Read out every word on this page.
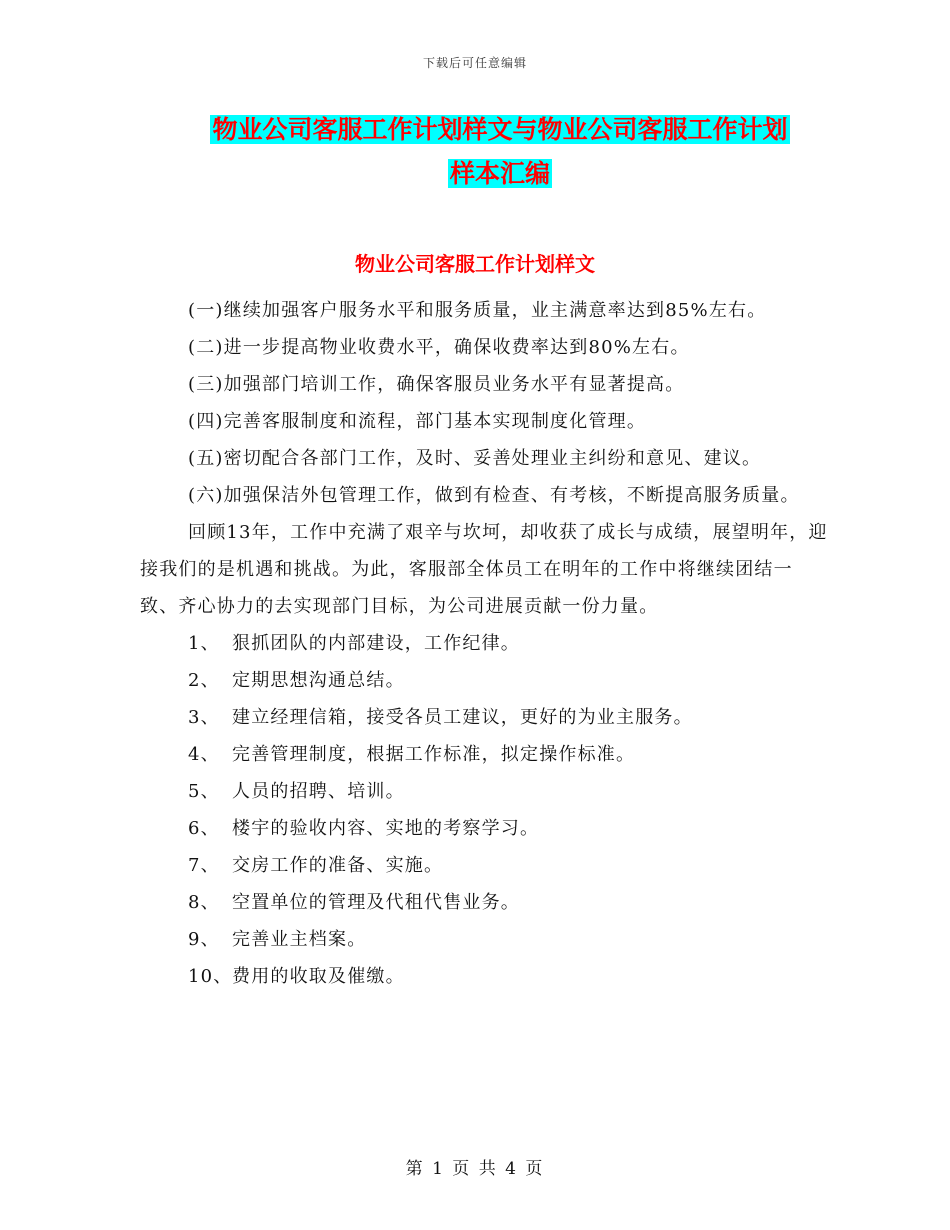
下载后可任意编辑
物业公司客服工作计划样文与物业公司客服工作计划
样本汇编
物业公司客服工作计划样文

(一)继续加强客户服务水平和服务质量，业主满意率达到85%左右。

(二)进一步提高物业收费水平，确保收费率达到80%左右。

(三)加强部门培训工作，确保客服员业务水平有显著提高。

(四)完善客服制度和流程，部门基本实现制度化管理。

(五)密切配合各部门工作，及时、妥善处理业主纠纷和意见、建议。

(六)加强保洁外包管理工作，做到有检查、有考核，不断提高服务质量。

回顾13年，工作中充满了艰辛与坎坷，却收获了成长与成绩，展望明年，迎接我们的是机遇和挑战。为此，客服部全体员工在明年的工作中将继续团结一致、齐心协力的去实现部门目标，为公司进展贡献一份力量。

1、 狠抓团队的内部建设，工作纪律。

2、 定期思想沟通总结。

3、 建立经理信箱，接受各员工建议，更好的为业主服务。

4、 完善管理制度，根据工作标准，拟定操作标准。

5、 人员的招聘、培训。

6、 楼宇的验收内容、实地的考察学习。

7、 交房工作的准备、实施。

8、 空置单位的管理及代租代售业务。

9、 完善业主档案。

10、费用的收取及催缴。

第 1 页 共 4 页
